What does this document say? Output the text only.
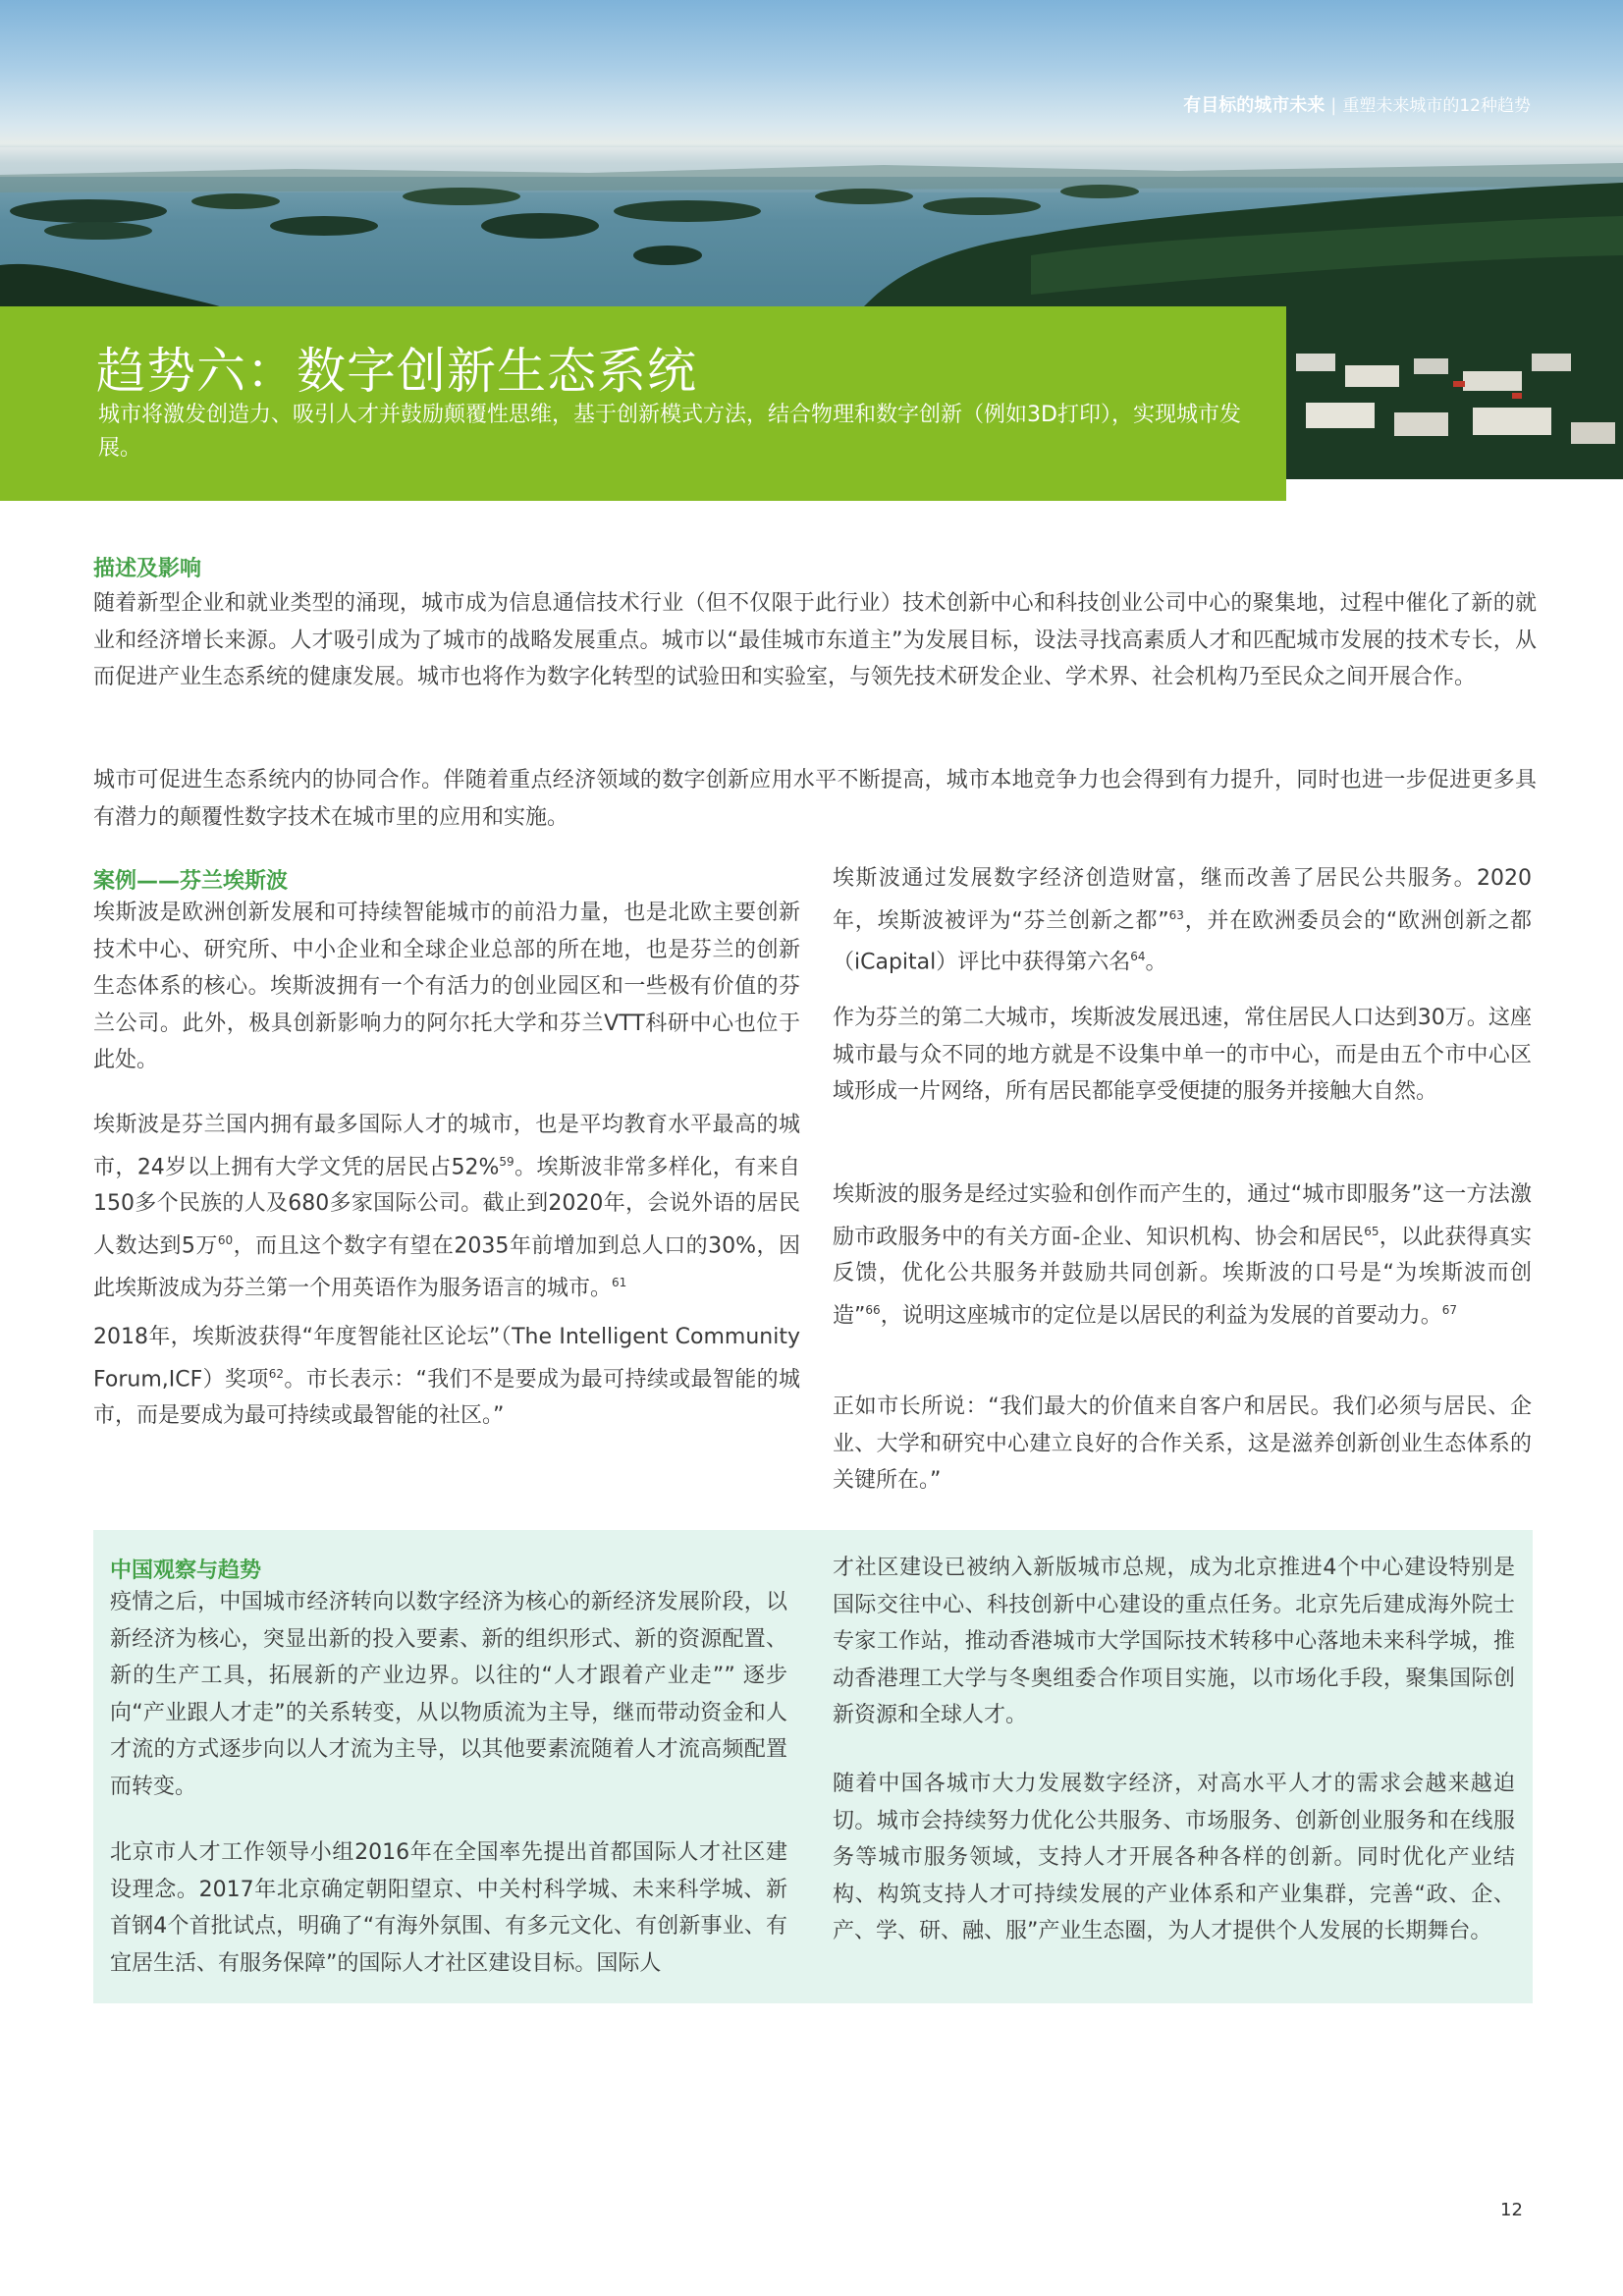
有目标的城市未来 | 重塑未来城市的12种趋势
趋势六：数字创新生态系统
城市将激发创造力、吸引人才并鼓励颠覆性思维，基于创新模式方法，结合物理和数字创新（例如3D打印），实现城市发展。
描述及影响
随着新型企业和就业类型的涌现，城市成为信息通信技术行业（但不仅限于此行业）技术创新中心和科技创业公司中心的聚集地，过程中催化了新的就业和经济增长来源。人才吸引成为了城市的战略发展重点。城市以“最佳城市东道主”为发展目标，设法寻找高素质人才和匹配城市发展的技术专长，从而促进产业生态系统的健康发展。城市也将作为数字化转型的试验田和实验室，与领先技术研发企业、学术界、社会机构乃至民众之间开展合作。
城市可促进生态系统内的协同合作。伴随着重点经济领域的数字创新应用水平不断提高，城市本地竞争力也会得到有力提升，同时也进一步促进更多具有潜力的颠覆性数字技术在城市里的应用和实施。
案例——芬兰埃斯波
埃斯波是欧洲创新发展和可持续智能城市的前沿力量，也是北欧主要创新技术中心、研究所、中小企业和全球企业总部的所在地，也是芬兰的创新生态体系的核心。埃斯波拥有一个有活力的创业园区和一些极有价值的芬兰公司。此外，极具创新影响力的阿尔托大学和芬兰VTT科研中心也位于此处。
埃斯波是芬兰国内拥有最多国际人才的城市，也是平均教育水平最高的城市，24岁以上拥有大学文凭的居民占52%$^{59}$。埃斯波非常多样化，有来自150多个民族的人及680多家国际公司。截止到2020年，会说外语的居民人数达到5万$^{60}$，而且这个数字有望在2035年前增加到总人口的30%，因此埃斯波成为芬兰第一个用英语作为服务语言的城市。$^{61}$
2018年，埃斯波获得“年度智能社区论坛”（The Intelligent Community Forum,ICF）奖项$^{62}$。市长表示：“我们不是要成为最可持续或最智能的城市，而是要成为最可持续或最智能的社区。”
埃斯波通过发展数字经济创造财富，继而改善了居民公共服务。2020年，埃斯波被评为“芬兰创新之都”$^{63}$，并在欧洲委员会的“欧洲创新之都（iCapital）评比中获得第六名$^{64}$。
作为芬兰的第二大城市，埃斯波发展迅速，常住居民人口达到30万。这座城市最与众不同的地方就是不设集中单一的市中心，而是由五个市中心区域形成一片网络，所有居民都能享受便捷的服务并接触大自然。
埃斯波的服务是经过实验和创作而产生的，通过“城市即服务”这一方法激励市政服务中的有关方面-企业、知识机构、协会和居民$^{65}$，以此获得真实反馈，优化公共服务并鼓励共同创新。埃斯波的口号是“为埃斯波而创造”$^{66}$，说明这座城市的定位是以居民的利益为发展的首要动力。$^{67}$
正如市长所说：“我们最大的价值来自客户和居民。我们必须与居民、企业、大学和研究中心建立良好的合作关系，这是滋养创新创业生态体系的关键所在。”
中国观察与趋势
疫情之后，中国城市经济转向以数字经济为核心的新经济发展阶段，以新经济为核心，突显出新的投入要素、新的组织形式、新的资源配置、新的生产工具，拓展新的产业边界。以往的“人才跟着产业走”” 逐步向“产业跟人才走”的关系转变，从以物质流为主导，继而带动资金和人才流的方式逐步向以人才流为主导，以其他要素流随着人才流高频配置而转变。
北京市人才工作领导小组2016年在全国率先提出首都国际人才社区建设理念。2017年北京确定朝阳望京、中关村科学城、未来科学城、新首钢4个首批试点，明确了“有海外氛围、有多元文化、有创新事业、有宜居生活、有服务保障”的国际人才社区建设目标。国际人
才社区建设已被纳入新版城市总规，成为北京推进4个中心建设特别是国际交往中心、科技创新中心建设的重点任务。北京先后建成海外院士专家工作站，推动香港城市大学国际技术转移中心落地未来科学城，推动香港理工大学与冬奥组委合作项目实施，以市场化手段，聚集国际创新资源和全球人才。
随着中国各城市大力发展数字经济，对高水平人才的需求会越来越迫切。城市会持续努力优化公共服务、市场服务、创新创业服务和在线服务等城市服务领域，支持人才开展各种各样的创新。同时优化产业结构、构筑支持人才可持续发展的产业体系和产业集群，完善“政、企、产、学、研、融、服”产业生态圈，为人才提供个人发展的长期舞台。
12
